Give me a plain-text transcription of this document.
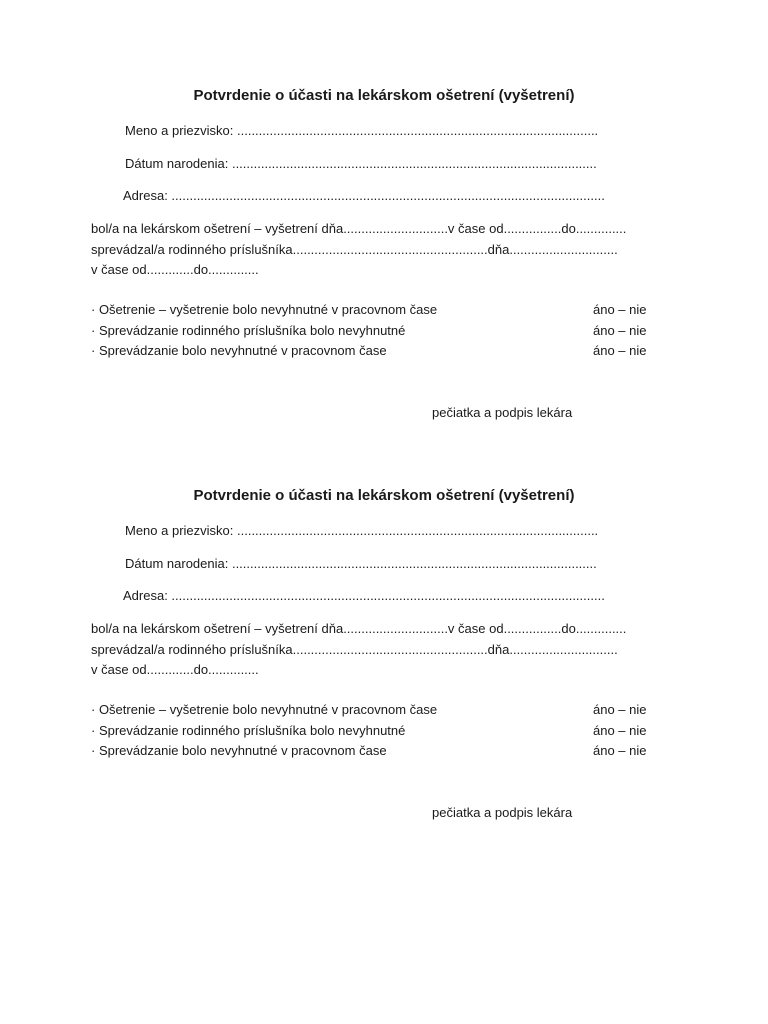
Potvrdenie o účasti na lekárskom ošetrení (vyšetrení)
Meno a priezvisko: ....................................................................................................
Dátum narodenia: .....................................................................................................
Adresa: ........................................................................................................................
bol/a na lekárskom ošetrení – vyšetrení dňa.............................v čase od................do..............
sprevádzal/a rodinného príslušníka......................................................dňa..............................
v čase od.............do..............
· Ošetrenie – vyšetrenie bolo nevyhnutné v pracovnom čase	áno – nie
· Sprevádzanie rodinného príslušníka bolo nevyhnutné	áno – nie
· Sprevádzanie bolo nevyhnutné v pracovnom čase	áno – nie
pečiatka a podpis lekára
Potvrdenie o účasti na lekárskom ošetrení (vyšetrení)
Meno a priezvisko: ....................................................................................................
Dátum narodenia: .....................................................................................................
Adresa: ........................................................................................................................
bol/a na lekárskom ošetrení – vyšetrení dňa.............................v čase od................do..............
sprevádzal/a rodinného príslušníka......................................................dňa..............................
v čase od.............do..............
· Ošetrenie – vyšetrenie bolo nevyhnutné v pracovnom čase	áno – nie
· Sprevádzanie rodinného príslušníka bolo nevyhnutné	áno – nie
· Sprevádzanie bolo nevyhnutné v pracovnom čase	áno – nie
pečiatka a podpis lekára
